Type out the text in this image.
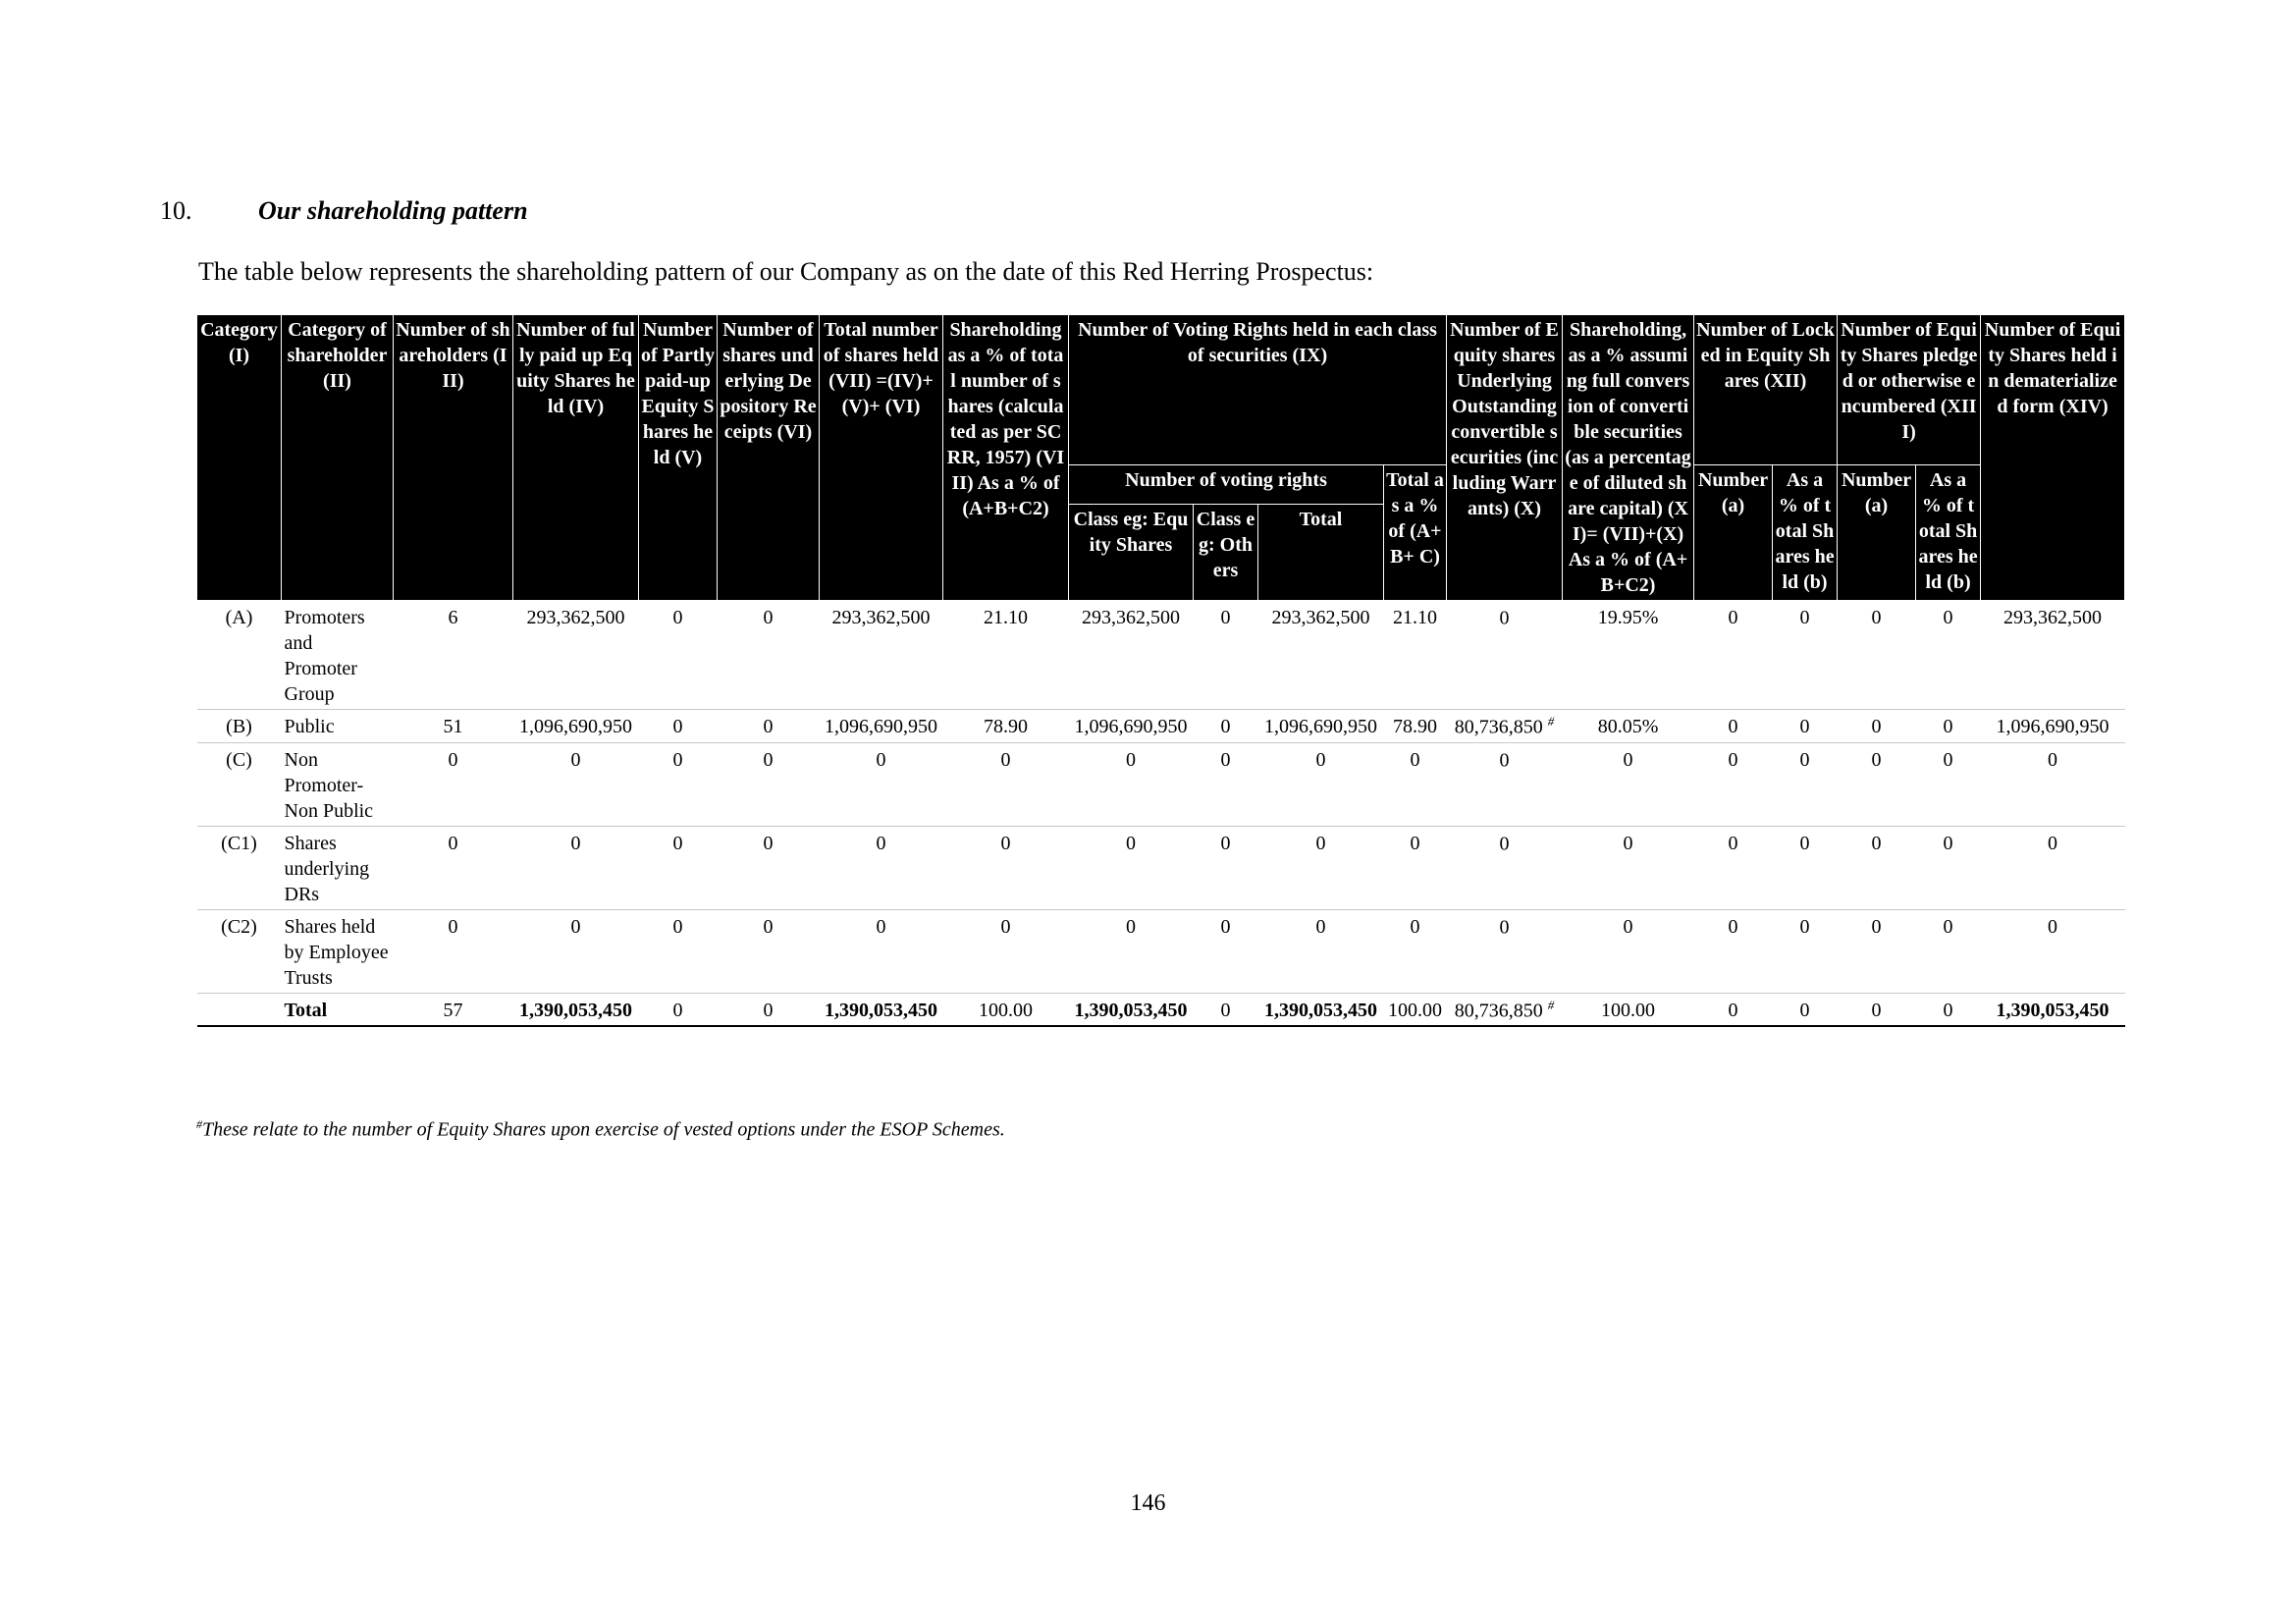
10.	Our shareholding pattern
The table below represents the shareholding pattern of our Company as on the date of this Red Herring Prospectus:
Category (I)	Category of shareholder (II)	Number of shareholders (III)	Number of fully paid up Equity Shares held (IV)	Number of Partly paid-up Equity Shares held (V)	Number of shares underlying Depository Receipts (VI)	Total number of shares held (VII) =(IV)+(V)+ (VI)	Shareholding as a % of total number of shares (calculated as per SCRR, 1957) (VIII) As a % of (A+B+C2)	Number of Voting Rights held in each class of securities (IX)				Number of Equity shares Underlying Outstanding convertible securities (including Warrants) (X)	Shareholding, as a % assuming full conversion of convertible securities (as a percentage of diluted share capital) (XI)= (VII)+(X) As a % of (A+B+C2)	Number of Locked in Equity Shares (XII)		Number of Equity Shares pledged or otherwise encumbered (XIII)		Number of Equity Shares held in dematerialized form (XIV)
								Number of voting rights			Total as a % of (A+B+ C)			Number (a)	As a % of total Shares held (b)	Number (a)	As a % of total Shares held (b)	
								Class eg: Equity Shares	Class eg: Others	Total								
(A)	Promoters and Promoter Group	6	293,362,500	0	0	293,362,500	21.10	293,362,500	0	293,362,500	21.10	0	19.95%	0	0	0	0	293,362,500
(B)	Public	51	1,096,690,950	0	0	1,096,690,950	78.90	1,096,690,950	0	1,096,690,950	78.90	80,736,850 #	80.05%	0	0	0	0	1,096,690,950
(C)	Non Promoter-Non Public	0	0	0	0	0	0	0	0	0	0	0	0	0	0	0	0	0
(C1)	Shares underlying DRs	0	0	0	0	0	0	0	0	0	0	0	0	0	0	0	0	0
(C2)	Shares held by Employee Trusts	0	0	0	0	0	0	0	0	0	0	0	0	0	0	0	0	0
	Total	57	1,390,053,450	0	0	1,390,053,450	100.00	1,390,053,450	0	1,390,053,450	100.00	80,736,850 #	100.00	0	0	0	0	1,390,053,450
#These relate to the number of Equity Shares upon exercise of vested options under the ESOP Schemes.
146
